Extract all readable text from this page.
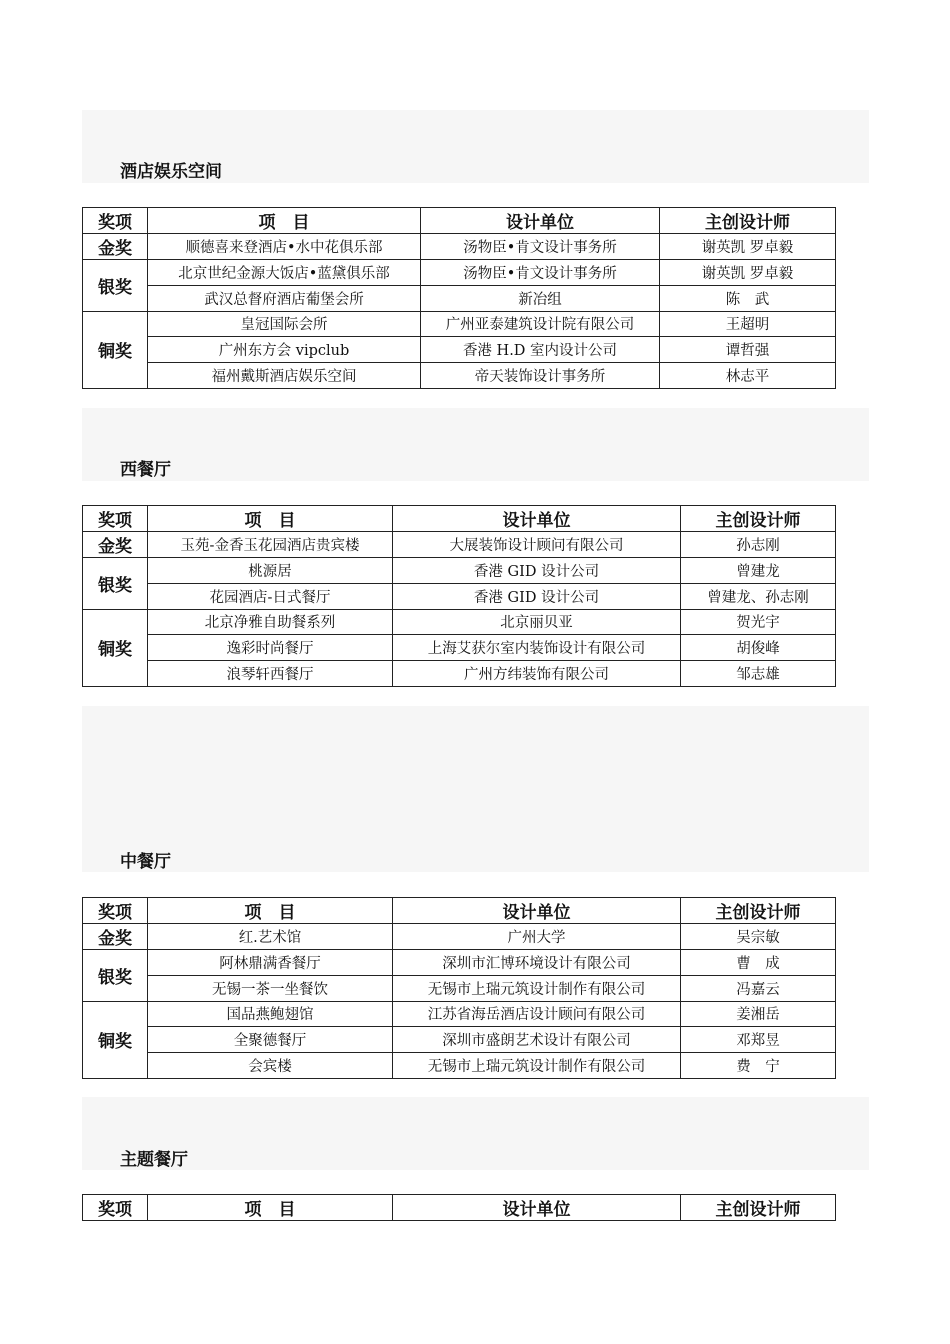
酒店娱乐空间
奖项	项　目	设计单位	主创设计师
金奖	顺德喜来登酒店•水中花俱乐部	汤物臣•肯文设计事务所	谢英凯 罗卓毅
银奖	北京世纪金源大饭店•蓝黛俱乐部	汤物臣•肯文设计事务所	谢英凯 罗卓毅
	武汉总督府酒店葡堡会所	新冶组	陈　武
铜奖	皇冠国际会所	广州亚泰建筑设计院有限公司	王超明
	广州东方会 vipclub	香港 H.D 室内设计公司	谭哲强
	福州戴斯酒店娱乐空间	帝天装饰设计事务所	林志平
西餐厅
奖项	项　目	设计单位	主创设计师
金奖	玉苑-金香玉花园酒店贵宾楼	大展装饰设计顾问有限公司	孙志刚
银奖	桃源居	香港 GID 设计公司	曾建龙
	花园酒店-日式餐厅	香港 GID 设计公司	曾建龙、孙志刚
铜奖	北京净雅自助餐系列	北京丽贝亚	贺光宇
	逸彩时尚餐厅	上海艾获尔室内装饰设计有限公司	胡俊峰
	浪琴轩西餐厅	广州方纬装饰有限公司	邹志雄
中餐厅
奖项	项　目	设计单位	主创设计师
金奖	红.艺术馆	广州大学	吴宗敏
银奖	阿林鼎满香餐厅	深圳市汇博环境设计有限公司	曹　成
	无锡一茶一坐餐饮	无锡市上瑞元筑设计制作有限公司	冯嘉云
铜奖	国品燕鲍翅馆	江苏省海岳酒店设计顾问有限公司	姜湘岳
	全聚德餐厅	深圳市盛朗艺术设计有限公司	邓郑昱
	会宾楼	无锡市上瑞元筑设计制作有限公司	费　宁
主题餐厅
奖项	项　目	设计单位	主创设计师
